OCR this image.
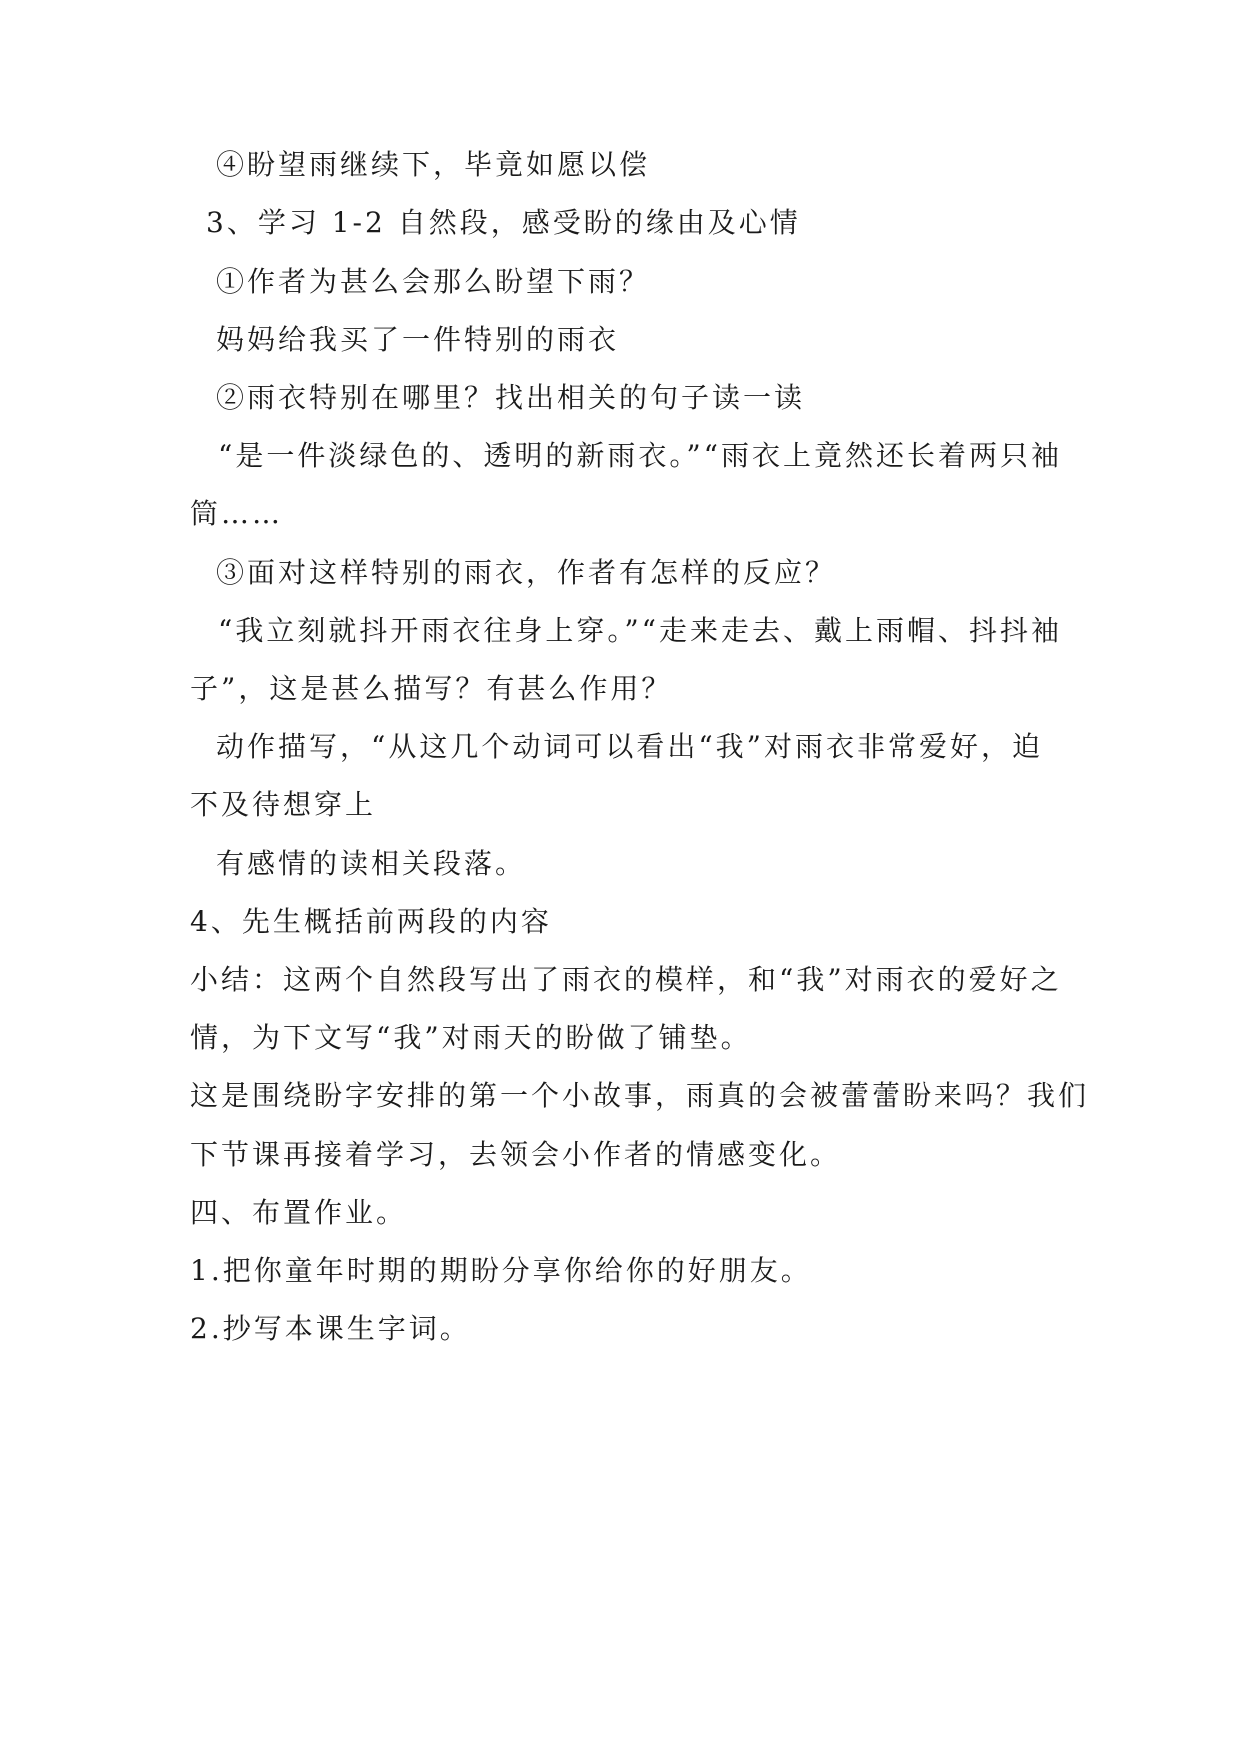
④盼望雨继续下，毕竟如愿以偿
3、学习 1-2 自然段，感受盼的缘由及心情
①作者为甚么会那么盼望下雨？
妈妈给我买了一件特别的雨衣
②雨衣特别在哪里？找出相关的句子读一读
“是一件淡绿色的、透明的新雨衣。”“雨衣上竟然还长着两只袖
筒……
③面对这样特别的雨衣，作者有怎样的反应？
“我立刻就抖开雨衣往身上穿。”“走来走去、戴上雨帽、抖抖袖
子”，这是甚么描写？有甚么作用？
动作描写，“从这几个动词可以看出“我”对雨衣非常爱好，迫
不及待想穿上
有感情的读相关段落。
4、先生概括前两段的内容
小结：这两个自然段写出了雨衣的模样，和“我”对雨衣的爱好之
情，为下文写“我”对雨天的盼做了铺垫。
这是围绕盼字安排的第一个小故事，雨真的会被蕾蕾盼来吗？我们
下节课再接着学习，去领会小作者的情感变化。
四、布置作业。
1.把你童年时期的期盼分享你给你的好朋友。
2.抄写本课生字词。
